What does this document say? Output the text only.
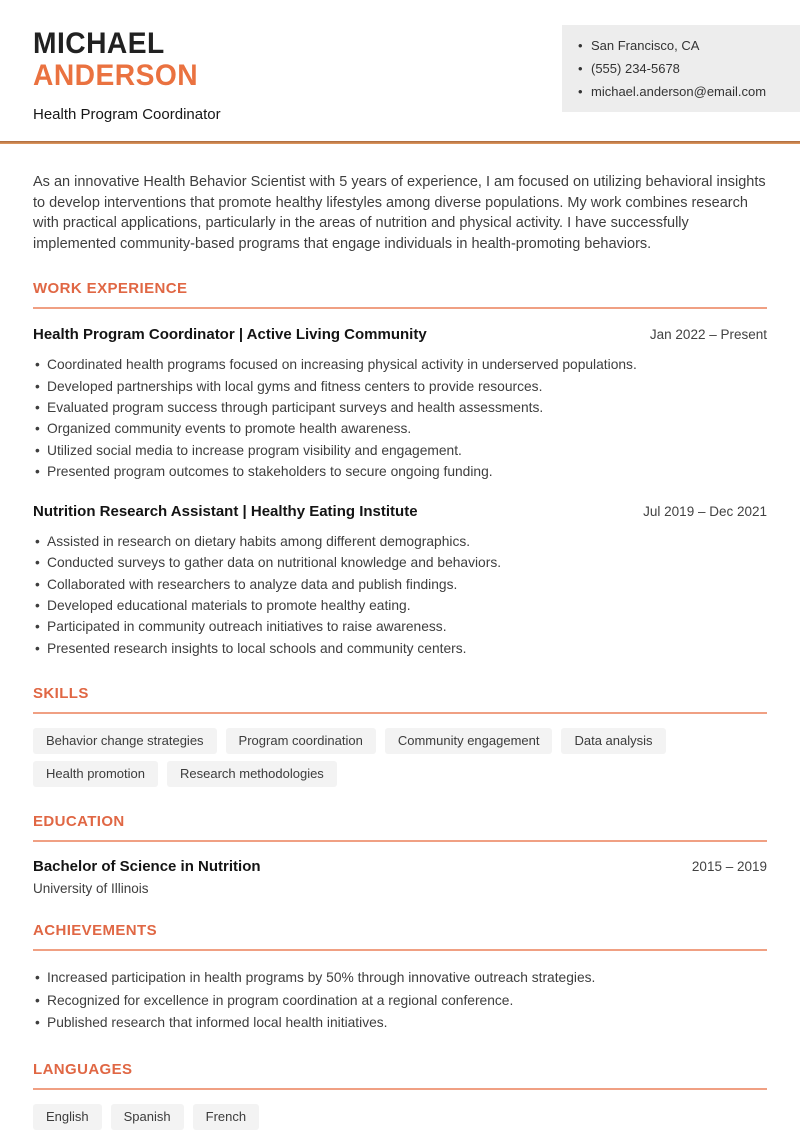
MICHAEL
ANDERSON
Health Program Coordinator
• San Francisco, CA
• (555) 234-5678
• michael.anderson@email.com

As an innovative Health Behavior Scientist with 5 years of experience, I am focused on utilizing behavioral insights to develop interventions that promote healthy lifestyles among diverse populations. My work combines research with practical applications, particularly in the areas of nutrition and physical activity. I have successfully implemented community-based programs that engage individuals in health-promoting behaviors.

WORK EXPERIENCE
Health Program Coordinator | Active Living Community	Jan 2022 – Present
• Coordinated health programs focused on increasing physical activity in underserved populations.
• Developed partnerships with local gyms and fitness centers to provide resources.
• Evaluated program success through participant surveys and health assessments.
• Organized community events to promote health awareness.
• Utilized social media to increase program visibility and engagement.
• Presented program outcomes to stakeholders to secure ongoing funding.
Nutrition Research Assistant | Healthy Eating Institute	Jul 2019 – Dec 2021
• Assisted in research on dietary habits among different demographics.
• Conducted surveys to gather data on nutritional knowledge and behaviors.
• Collaborated with researchers to analyze data and publish findings.
• Developed educational materials to promote healthy eating.
• Participated in community outreach initiatives to raise awareness.
• Presented research insights to local schools and community centers.
SKILLS
Behavior change strategies	Program coordination	Community engagement	Data analysis
Health promotion	Research methodologies
EDUCATION
Bachelor of Science in Nutrition	2015 – 2019
University of Illinois
ACHIEVEMENTS
• Increased participation in health programs by 50% through innovative outreach strategies.
• Recognized for excellence in program coordination at a regional conference.
• Published research that informed local health initiatives.
LANGUAGES
English	Spanish	French
